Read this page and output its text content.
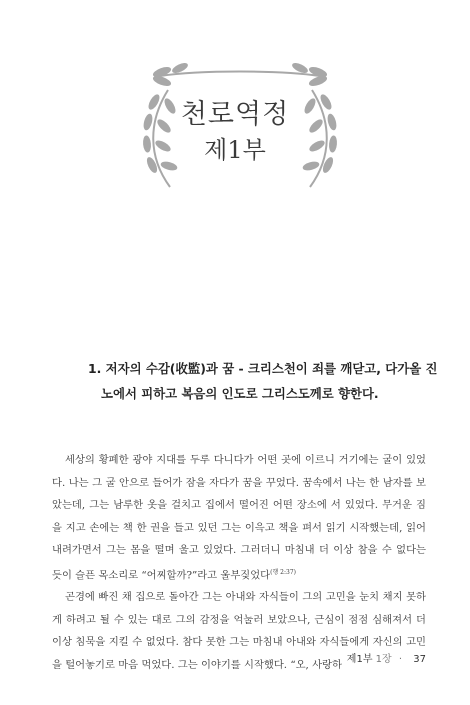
천로역정
제1부
1. 저자의 수감(收監)과 꿈 - 크리스천이 죄를 깨닫고, 다가올 진노에서 피하고 복음의 인도로 그리스도께로 향한다.

세상의 황폐한 광야 지대를 두루 다니다가 어떤 곳에 이르니 거기에는 굴이 있었다. 나는 그 굴 안으로 들어가 잠을 자다가 꿈을 꾸었다. 꿈속에서 나는 한 남자를 보았는데, 그는 남루한 옷을 걸치고 집에서 떨어진 어떤 장소에 서 있었다. 무거운 짐을 지고 손에는 책 한 권을 들고 있던 그는 이윽고 책을 펴서 읽기 시작했는데, 읽어 내려가면서 그는 몸을 떨며 울고 있었다. 그러더니 마침내 더 이상 참을 수 없다는 듯이 슬픈 목소리로 “어찌할까?”라고 울부짖었다$^{(행 2:37)}$

곤경에 빠진 채 집으로 돌아간 그는 아내와 자식들이 그의 고민을 눈치 채지 못하게 하려고 될 수 있는 대로 그의 감정을 억눌러 보았으나, 근심이 점점 심해져서 더 이상 침묵을 지킬 수 없었다. 참다 못한 그는 마침내 아내와 자식들에게 자신의 고민을 털어놓기로 마음 먹었다. 그는 이야기를 시작했다. “오, 사랑하 제1부 1장 · 37
